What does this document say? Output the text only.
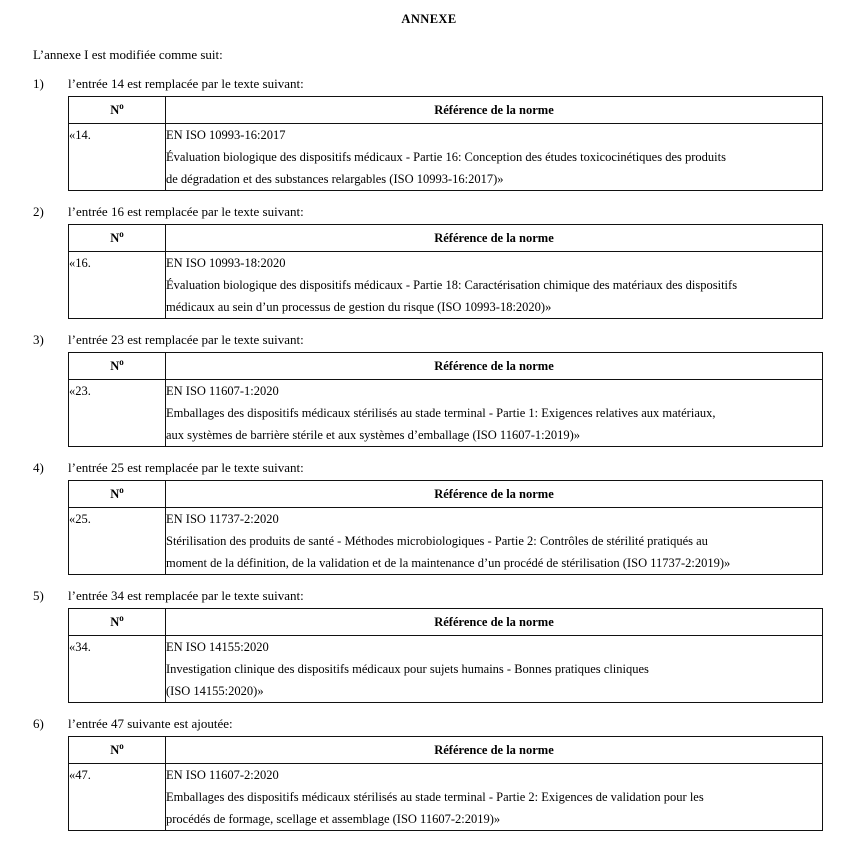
ANNEXE
L’annexe I est modifiée comme suit:
1)	l’entrée 14 est remplacée par le texte suivant:
$N^o$	Référence de la norme
«14.	EN ISO 10993-16:2017
Évaluation biologique des dispositifs médicaux - Partie 16: Conception des études toxicocinétiques des produits
de dégradation et des substances relargables (ISO 10993-16:2017)»
2)	l’entrée 16 est remplacée par le texte suivant:
$N^o$	Référence de la norme
«16.	EN ISO 10993-18:2020
Évaluation biologique des dispositifs médicaux - Partie 18: Caractérisation chimique des matériaux des dispositifs
médicaux au sein d’un processus de gestion du risque (ISO 10993-18:2020)»
3)	l’entrée 23 est remplacée par le texte suivant:
$N^o$	Référence de la norme
«23.	EN ISO 11607-1:2020
Emballages des dispositifs médicaux stérilisés au stade terminal - Partie 1: Exigences relatives aux matériaux,
aux systèmes de barrière stérile et aux systèmes d’emballage (ISO 11607-1:2019)»
4)	l’entrée 25 est remplacée par le texte suivant:
$N^o$	Référence de la norme
«25.	EN ISO 11737-2:2020
Stérilisation des produits de santé - Méthodes microbiologiques - Partie 2: Contrôles de stérilité pratiqués au
moment de la définition, de la validation et de la maintenance d’un procédé de stérilisation (ISO 11737-2:2019)»
5)	l’entrée 34 est remplacée par le texte suivant:
$N^o$	Référence de la norme
«34.	EN ISO 14155:2020
Investigation clinique des dispositifs médicaux pour sujets humains - Bonnes pratiques cliniques
(ISO 14155:2020)»
6)	l’entrée 47 suivante est ajoutée:
$N^o$	Référence de la norme
«47.	EN ISO 11607-2:2020
Emballages des dispositifs médicaux stérilisés au stade terminal - Partie 2: Exigences de validation pour les
procédés de formage, scellage et assemblage (ISO 11607-2:2019)»
